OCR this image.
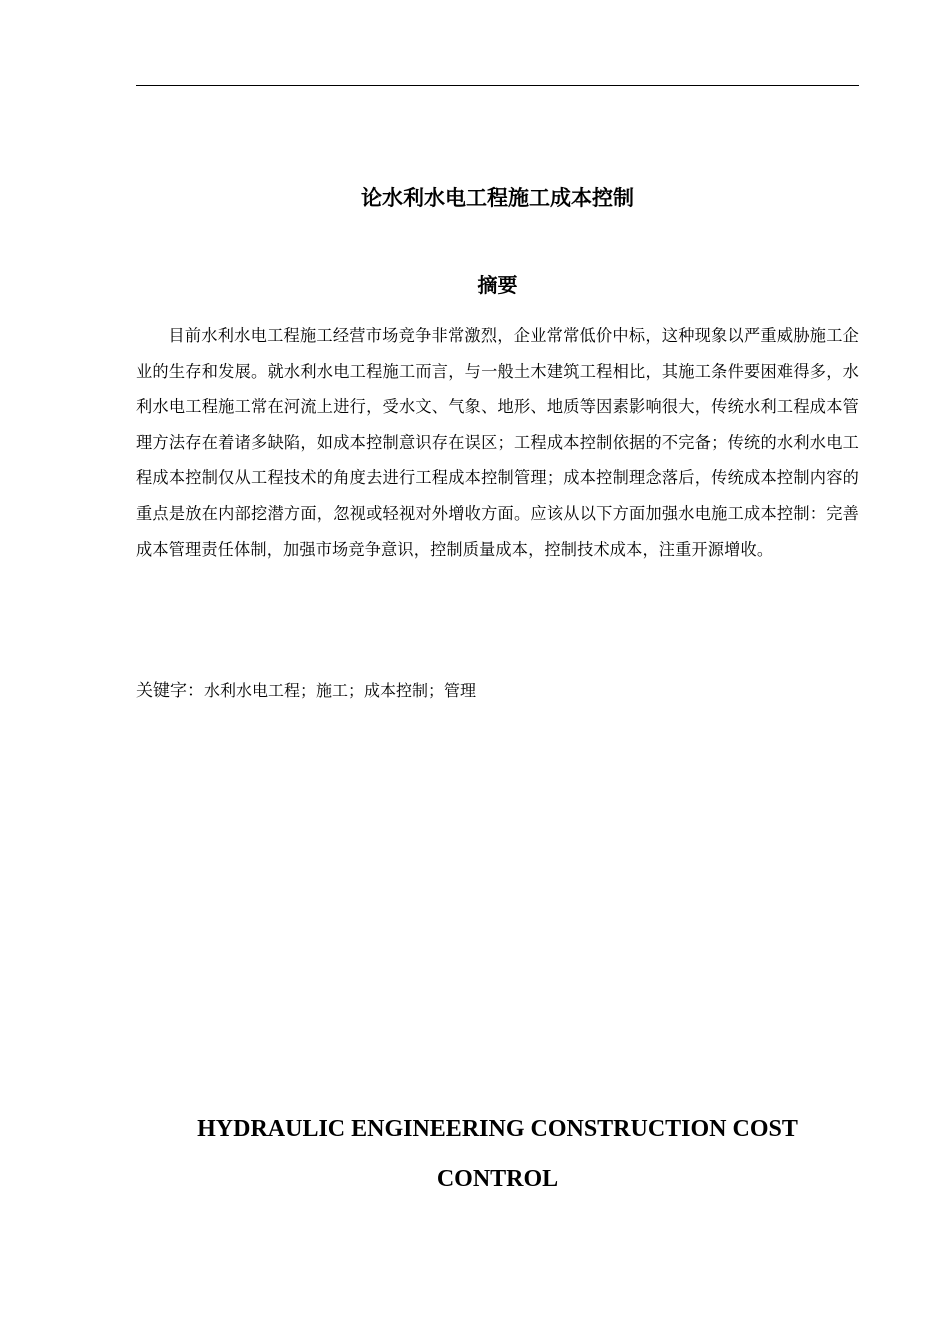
论水利水电工程施工成本控制
摘要

目前水利水电工程施工经营市场竞争非常激烈，企业常常低价中标，这种现象以严重威胁施工企业的生存和发展。就水利水电工程施工而言，与一般土木建筑工程相比，其施工条件要困难得多，水利水电工程施工常在河流上进行，受水文、气象、地形、地质等因素影响很大，传统水利工程成本管理方法存在着诸多缺陷，如成本控制意识存在误区；工程成本控制依据的不完备；传统的水利水电工程成本控制仅从工程技术的角度去进行工程成本控制管理；成本控制理念落后，传统成本控制内容的重点是放在内部挖潜方面，忽视或轻视对外增收方面。应该从以下方面加强水电施工成本控制：完善成本管理责任体制，加强市场竞争意识，控制质量成本，控制技术成本，注重开源增收。

关键字：水利水电工程；施工；成本控制；管理

HYDRAULIC ENGINEERING CONSTRUCTION COST CONTROL
